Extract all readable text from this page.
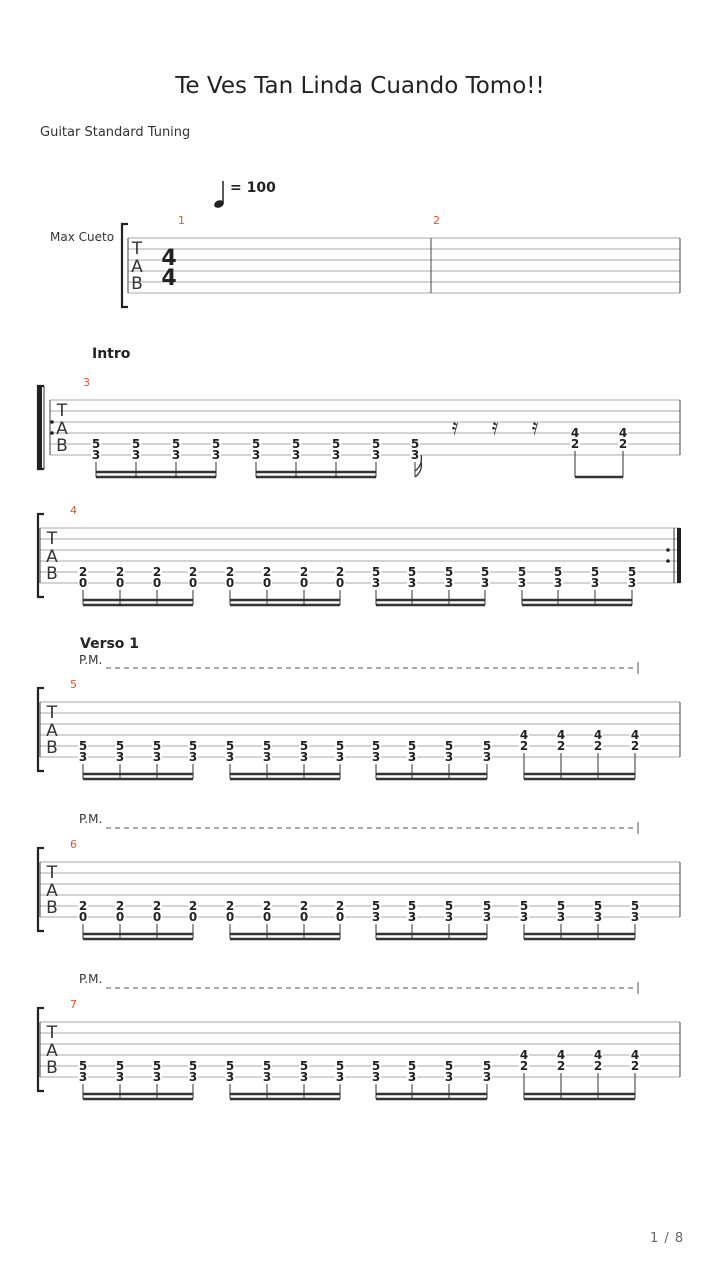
Te Ves Tan Linda Cuando Tomo!!
Guitar Standard Tuning
= 100
Max Cueto
Intro
Verso 1
P.M.
P.M.
P.M.
T
A
B
4
4
1	2
T
A
B
3
5
3
5
3
5
3
5
3
5
3
5
3
5
3
5
3
5
3
𝄿 𝄿 𝄿	4
2
4
2
T
A
B
4
2
0
2
0
2
0
2
0
2
0
2
0
2
0
2
0
5
3
5
3
5
3
5
3
5
3
5
3
5
3
5
3
T
A
B
5
5
3
5
3
5
3
5
3
5
3
5
3
5
3
5
3
5
3
5
3
5
3
5
3
4
2
4
2
4
2
4
2
T
A
B
6
2
0
2
0
2
0
2
0
2
0
2
0
2
0
2
0
5
3
5
3
5
3
5
3
5
3
5
3
5
3
5
3
T
A
B
7
5
3
5
3
5
3
5
3
5
3
5
3
5
3
5
3
5
3
5
3
5
3
5
3
4
2
4
2
4
2
4
2
1 / 8
